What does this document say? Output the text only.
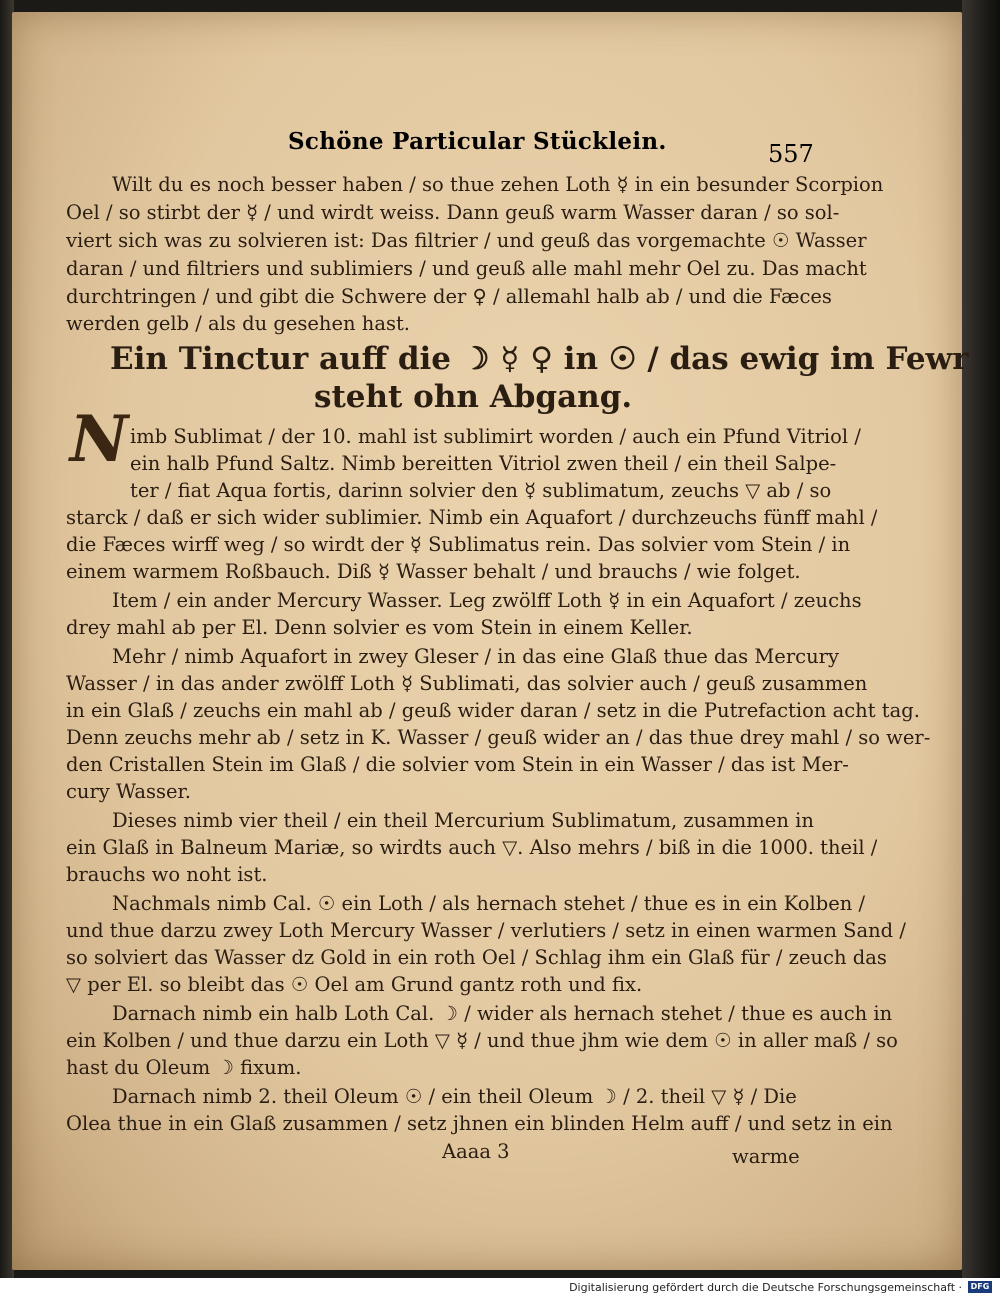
Schöne Particular Stücklein.	557
Wilt du es noch besser haben / so thue zehen Loth ☿ in ein besunder Scorpion
Oel / so stirbt der ☿ / und wirdt weiss. Dann geuß warm Wasser daran / so sol-
viert sich was zu solvieren ist: Das filtrier / und geuß das vorgemachte ☉ Wasser
daran / und filtriers und sublimiers / und geuß alle mahl mehr Oel zu. Das macht
durchtringen / und gibt die Schwere der ♀ / allemahl halb ab / und die Fæces
werden gelb / als du gesehen hast.
Ein Tinctur auff die ☽ ☿ ♀ in ☉ / das ewig im Fewr
steht ohn Abgang.
imb Sublimat / der 10. mahl ist sublimirt worden / auch ein Pfund Vitriol /
ein halb Pfund Saltz. Nimb bereitten Vitriol zwen theil / ein theil Salpe-
ter / fiat Aqua fortis, darinn solvier den ☿ sublimatum, zeuchs ▽ ab / so
starck / daß er sich wider sublimier. Nimb ein Aquafort / durchzeuchs fünff mahl /
die Fæces wirff weg / so wirdt der ☿ Sublimatus rein. Das solvier vom Stein / in
einem warmem Roßbauch. Diß ☿ Wasser behalt / und brauchs / wie folget.
Item / ein ander Mercury Wasser. Leg zwölff Loth ☿ in ein Aquafort / zeuchs
drey mahl ab per El. Denn solvier es vom Stein in einem Keller.
Mehr / nimb Aquafort in zwey Gleser / in das eine Glaß thue das Mercury
Wasser / in das ander zwölff Loth ☿ Sublimati, das solvier auch / geuß zusammen
in ein Glaß / zeuchs ein mahl ab / geuß wider daran / setz in die Putrefaction acht tag.
Denn zeuchs mehr ab / setz in K. Wasser / geuß wider an / das thue drey mahl / so wer-
den Cristallen Stein im Glaß / die solvier vom Stein in ein Wasser / das ist Mer-
cury Wasser.
Dieses nimb vier theil / ein theil Mercurium Sublimatum, zusammen in
ein Glaß in Balneum Mariæ, so wirdts auch ▽. Also mehrs / biß in die 1000. theil /
brauchs wo noht ist.
Nachmals nimb Cal. ☉ ein Loth / als hernach stehet / thue es in ein Kolben /
und thue darzu zwey Loth Mercury Wasser / verlutiers / setz in einen warmen Sand /
so solviert das Wasser dz Gold in ein roth Oel / Schlag ihm ein Glaß für / zeuch das
▽ per El. so bleibt das ☉ Oel am Grund gantz roth und fix.
Darnach nimb ein halb Loth Cal. ☽ / wider als hernach stehet / thue es auch in
ein Kolben / und thue darzu ein Loth ▽ ☿ / und thue jhm wie dem ☉ in aller maß / so
hast du Oleum ☽ fixum.
Darnach nimb 2. theil Oleum ☉ / ein theil Oleum ☽ / 2. theil ▽ ☿ / Die
Olea thue in ein Glaß zusammen / setz jhnen ein blinden Helm auff / und setz in ein
Aaaa 3	warme
N
Digitalisierung gefördert durch die Deutsche Forschungsgemeinschaft ·	DFG
